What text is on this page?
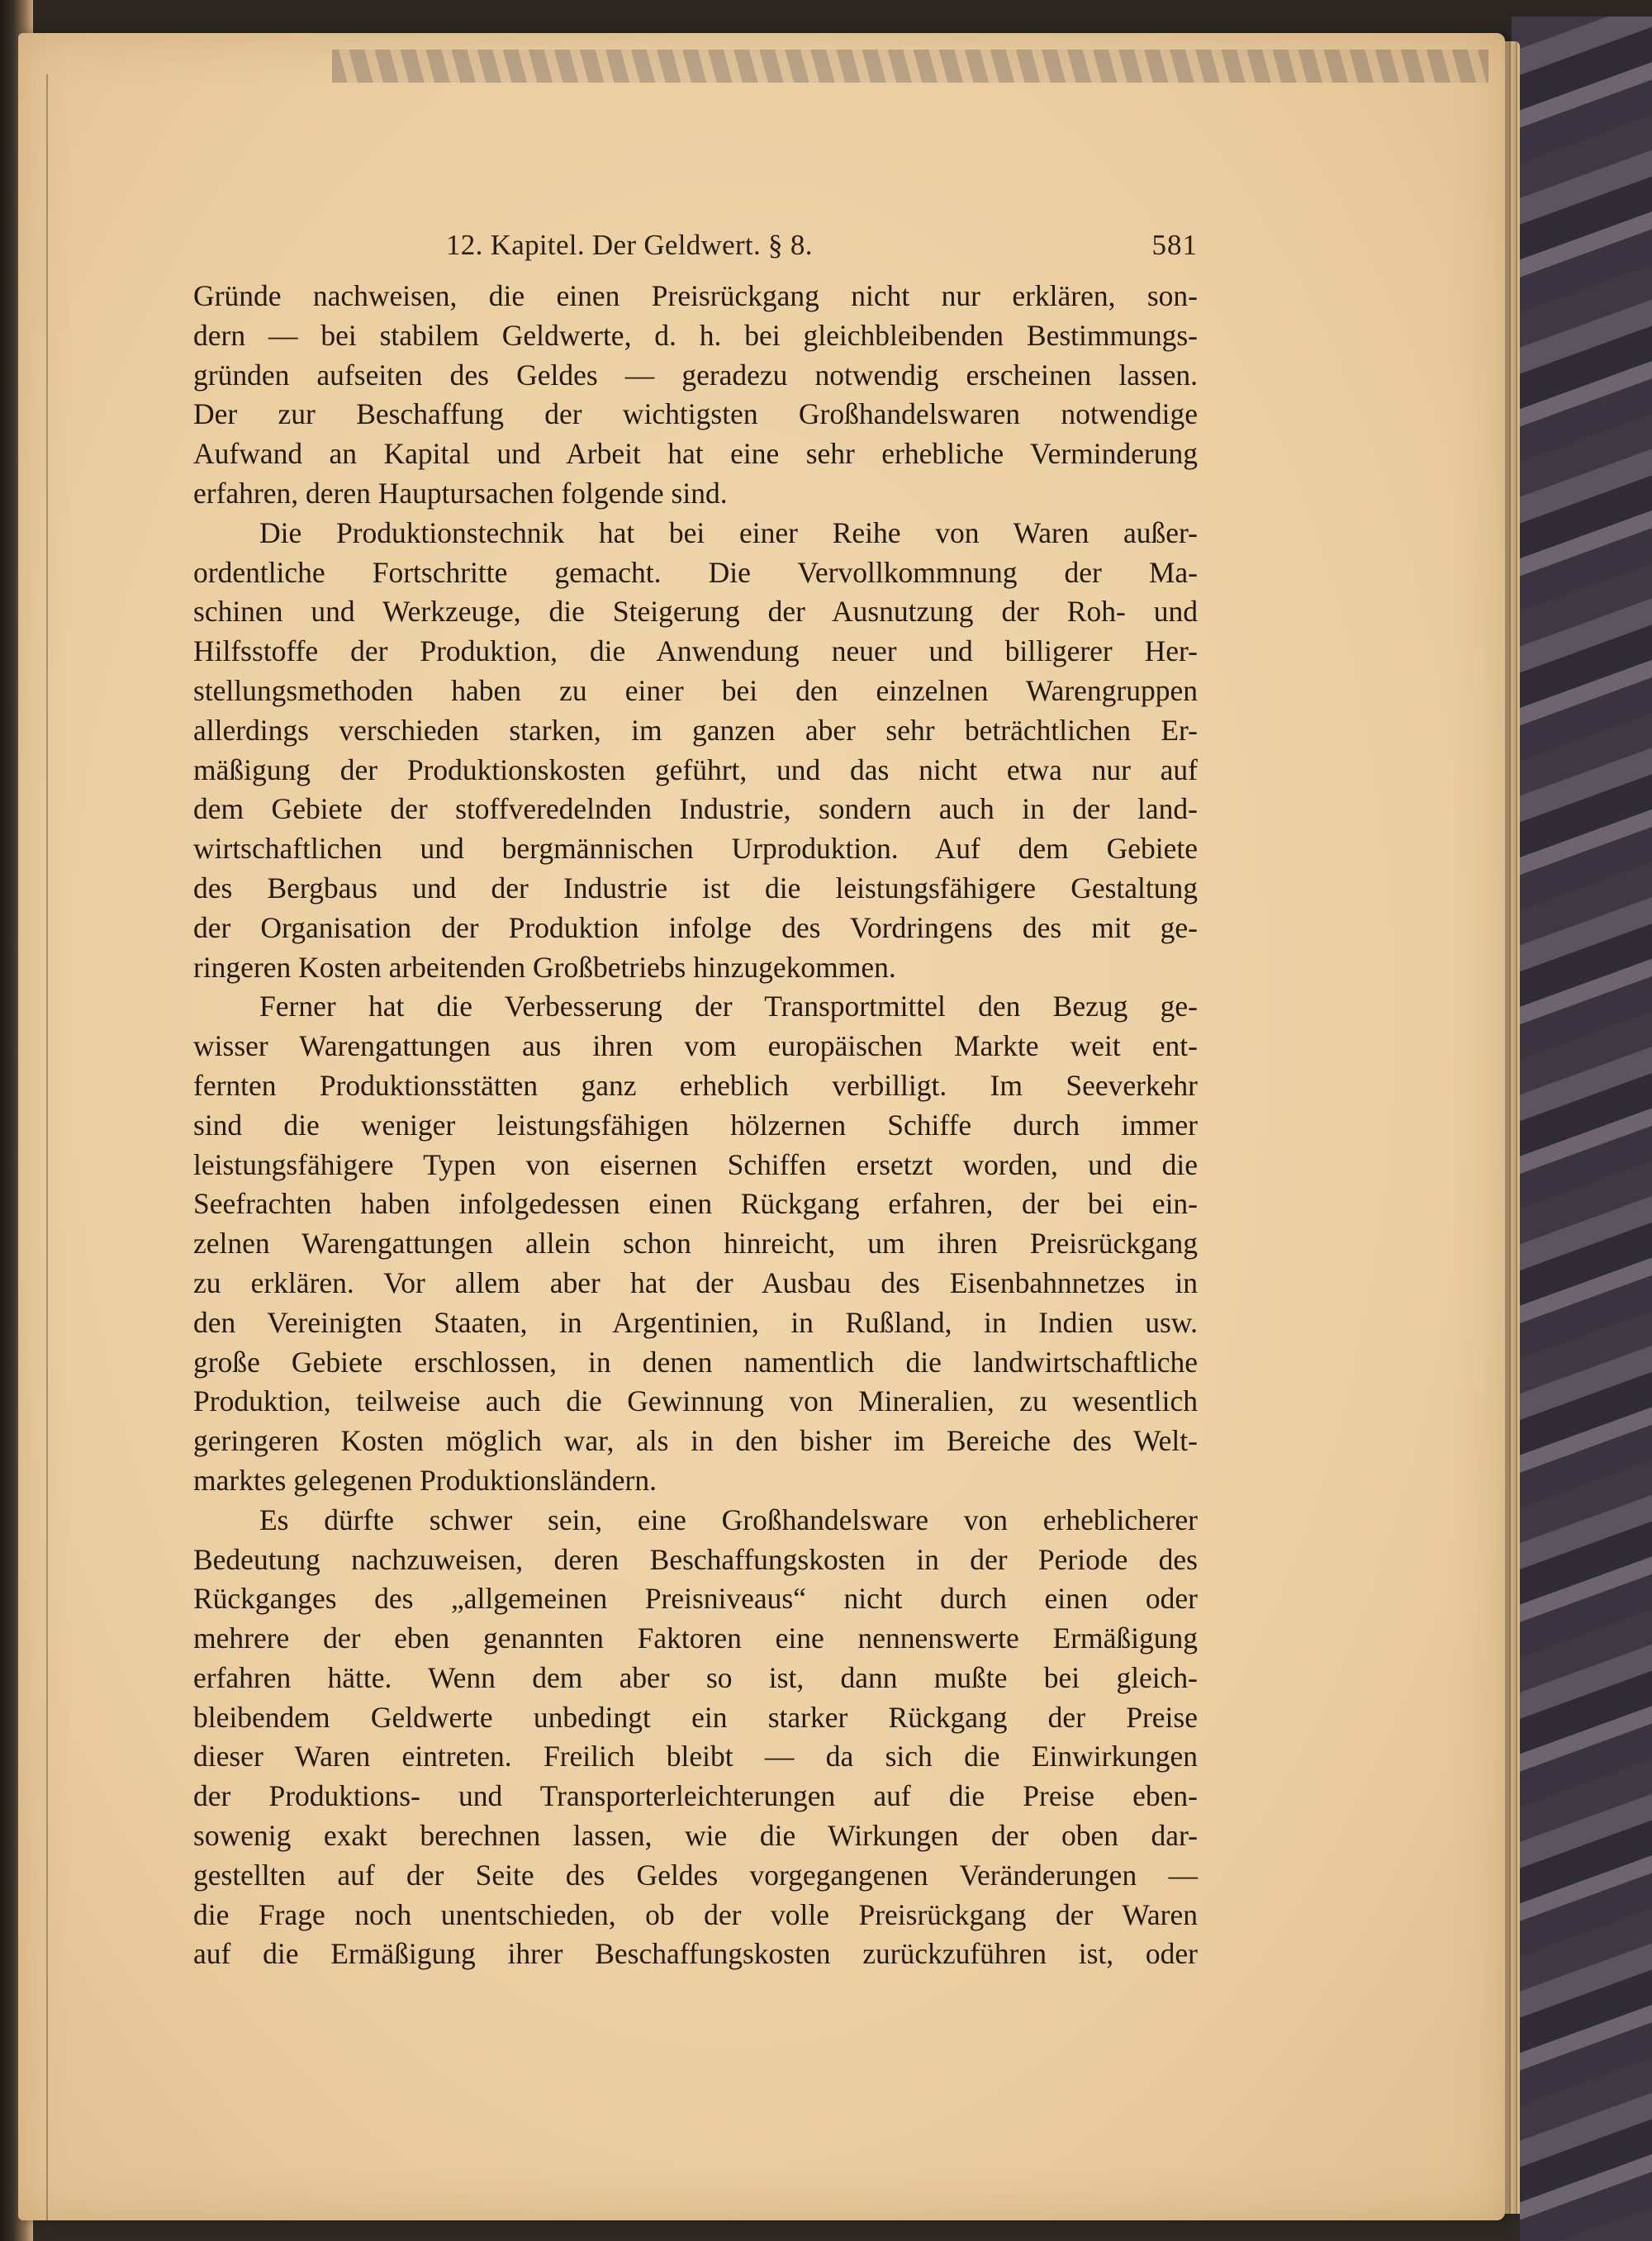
12. Kapitel. Der Geldwert. § 8.	581
Gründe nachweisen, die einen Preisrückgang nicht nur erklären, son-
dern — bei stabilem Geldwerte, d. h. bei gleichbleibenden Bestimmungs-
gründen aufseiten des Geldes — geradezu notwendig erscheinen lassen.
Der zur Beschaffung der wichtigsten Großhandelswaren notwendige
Aufwand an Kapital und Arbeit hat eine sehr erhebliche Verminderung
erfahren, deren Hauptursachen folgende sind.
Die Produktionstechnik hat bei einer Reihe von Waren außer-
ordentliche Fortschritte gemacht. Die Vervollkommnung der Ma-
schinen und Werkzeuge, die Steigerung der Ausnutzung der Roh- und
Hilfsstoffe der Produktion, die Anwendung neuer und billigerer Her-
stellungsmethoden haben zu einer bei den einzelnen Warengruppen
allerdings verschieden starken, im ganzen aber sehr beträchtlichen Er-
mäßigung der Produktionskosten geführt, und das nicht etwa nur auf
dem Gebiete der stoffveredelnden Industrie, sondern auch in der land-
wirtschaftlichen und bergmännischen Urproduktion. Auf dem Gebiete
des Bergbaus und der Industrie ist die leistungsfähigere Gestaltung
der Organisation der Produktion infolge des Vordringens des mit ge-
ringeren Kosten arbeitenden Großbetriebs hinzugekommen.
Ferner hat die Verbesserung der Transportmittel den Bezug ge-
wisser Warengattungen aus ihren vom europäischen Markte weit ent-
fernten Produktionsstätten ganz erheblich verbilligt. Im Seeverkehr
sind die weniger leistungsfähigen hölzernen Schiffe durch immer
leistungsfähigere Typen von eisernen Schiffen ersetzt worden, und die
Seefrachten haben infolgedessen einen Rückgang erfahren, der bei ein-
zelnen Warengattungen allein schon hinreicht, um ihren Preisrückgang
zu erklären. Vor allem aber hat der Ausbau des Eisenbahnnetzes in
den Vereinigten Staaten, in Argentinien, in Rußland, in Indien usw.
große Gebiete erschlossen, in denen namentlich die landwirtschaftliche
Produktion, teilweise auch die Gewinnung von Mineralien, zu wesentlich
geringeren Kosten möglich war, als in den bisher im Bereiche des Welt-
marktes gelegenen Produktionsländern.
Es dürfte schwer sein, eine Großhandelsware von erheblicherer
Bedeutung nachzuweisen, deren Beschaffungskosten in der Periode des
Rückganges des „allgemeinen Preisniveaus“ nicht durch einen oder
mehrere der eben genannten Faktoren eine nennenswerte Ermäßigung
erfahren hätte. Wenn dem aber so ist, dann mußte bei gleich-
bleibendem Geldwerte unbedingt ein starker Rückgang der Preise
dieser Waren eintreten. Freilich bleibt — da sich die Einwirkungen
der Produktions- und Transporterleichterungen auf die Preise eben-
sowenig exakt berechnen lassen, wie die Wirkungen der oben dar-
gestellten auf der Seite des Geldes vorgegangenen Veränderungen —
die Frage noch unentschieden, ob der volle Preisrückgang der Waren
auf die Ermäßigung ihrer Beschaffungskosten zurückzuführen ist, oder
